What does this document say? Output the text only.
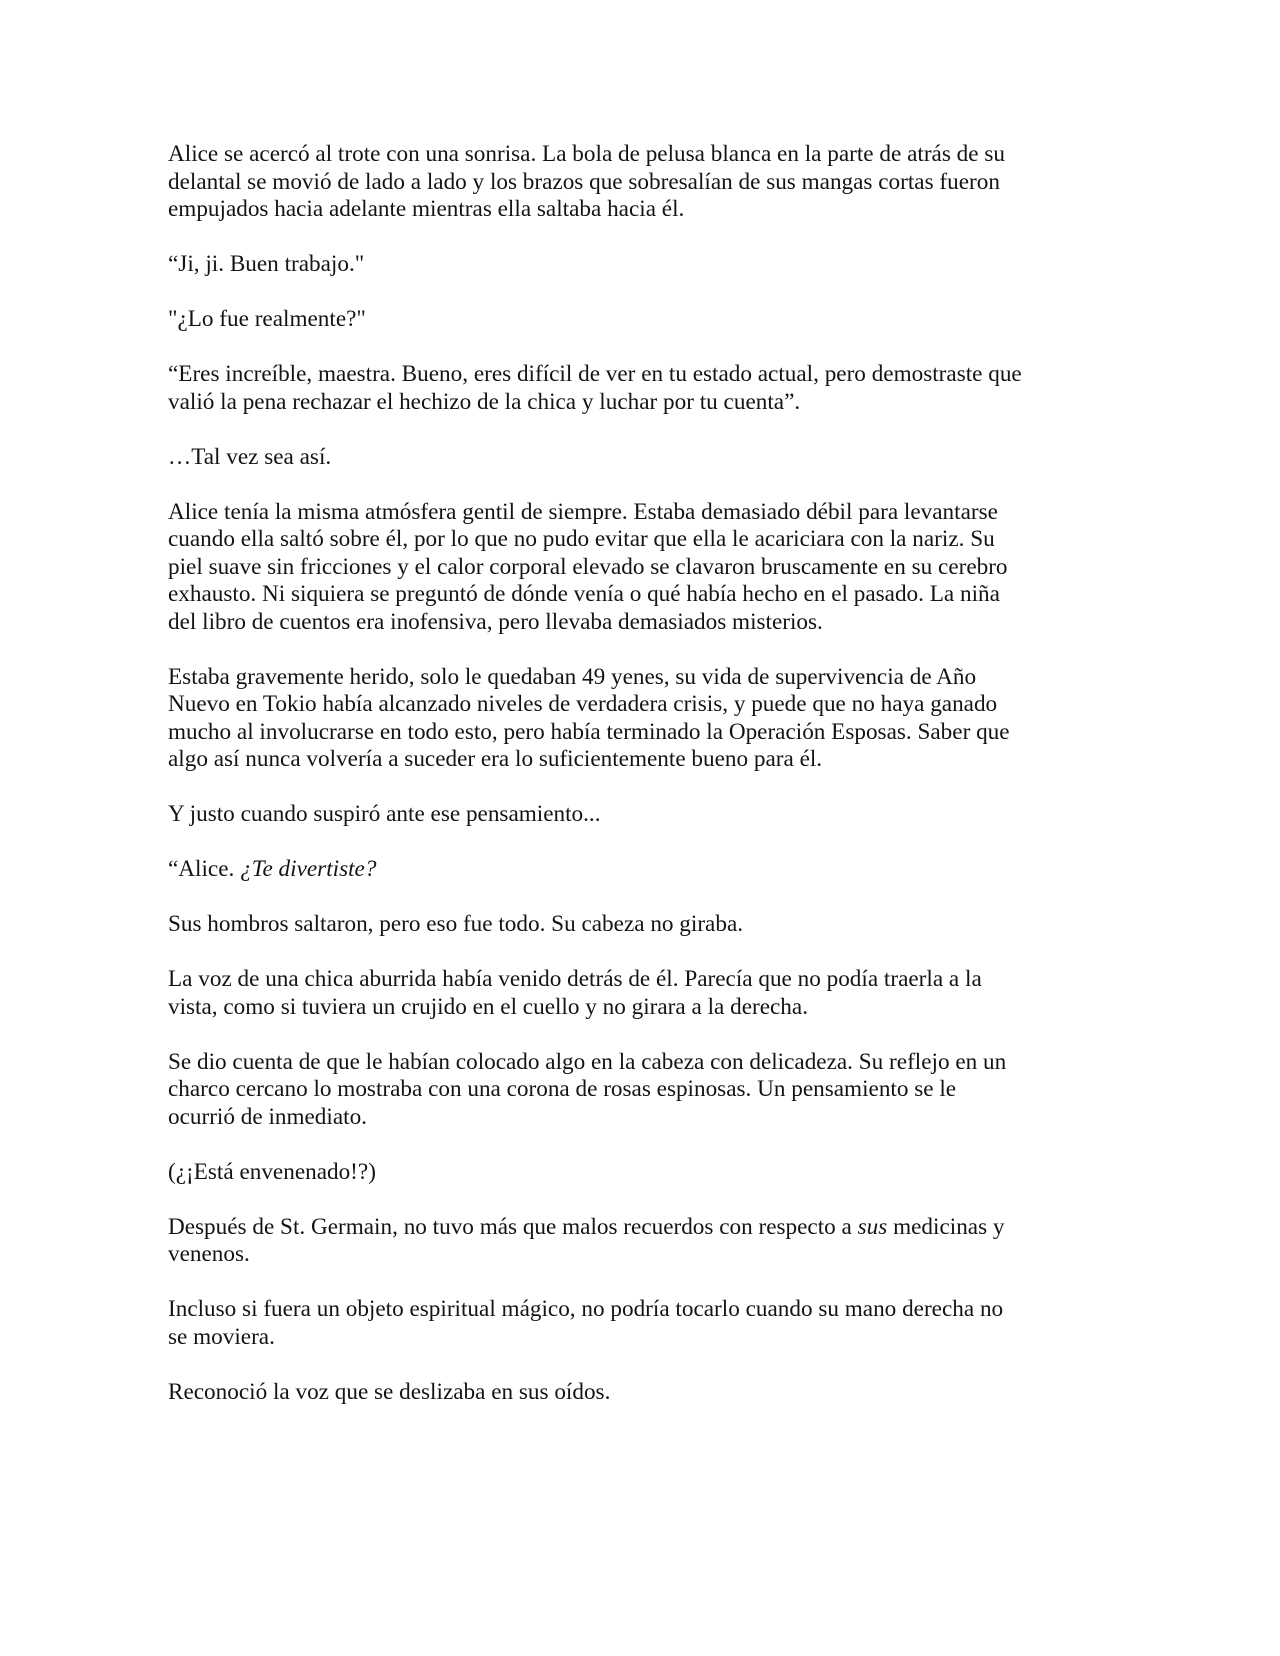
Alice se acercó al trote con una sonrisa. La bola de pelusa blanca en la parte de atrás de su
delantal se movió de lado a lado y los brazos que sobresalían de sus mangas cortas fueron
empujados hacia adelante mientras ella saltaba hacia él.

“Ji, ji. Buen trabajo."

"¿Lo fue realmente?"

“Eres increíble, maestra. Bueno, eres difícil de ver en tu estado actual, pero demostraste que
valió la pena rechazar el hechizo de la chica y luchar por tu cuenta”.

…Tal vez sea así.

Alice tenía la misma atmósfera gentil de siempre. Estaba demasiado débil para levantarse
cuando ella saltó sobre él, por lo que no pudo evitar que ella le acariciara con la nariz. Su
piel suave sin fricciones y el calor corporal elevado se clavaron bruscamente en su cerebro
exhausto. Ni siquiera se preguntó de dónde venía o qué había hecho en el pasado. La niña
del libro de cuentos era inofensiva, pero llevaba demasiados misterios.

Estaba gravemente herido, solo le quedaban 49 yenes, su vida de supervivencia de Año
Nuevo en Tokio había alcanzado niveles de verdadera crisis, y puede que no haya ganado
mucho al involucrarse en todo esto, pero había terminado la Operación Esposas. Saber que
algo así nunca volvería a suceder era lo suficientemente bueno para él.

Y justo cuando suspiró ante ese pensamiento...

“Alice. ¿Te divertiste?

Sus hombros saltaron, pero eso fue todo. Su cabeza no giraba.

La voz de una chica aburrida había venido detrás de él. Parecía que no podía traerla a la
vista, como si tuviera un crujido en el cuello y no girara a la derecha.

Se dio cuenta de que le habían colocado algo en la cabeza con delicadeza. Su reflejo en un
charco cercano lo mostraba con una corona de rosas espinosas. Un pensamiento se le
ocurrió de inmediato.

(¿¡Está envenenado!?)

Después de St. Germain, no tuvo más que malos recuerdos con respecto a sus medicinas y
venenos.

Incluso si fuera un objeto espiritual mágico, no podría tocarlo cuando su mano derecha no
se moviera.

Reconoció la voz que se deslizaba en sus oídos.
